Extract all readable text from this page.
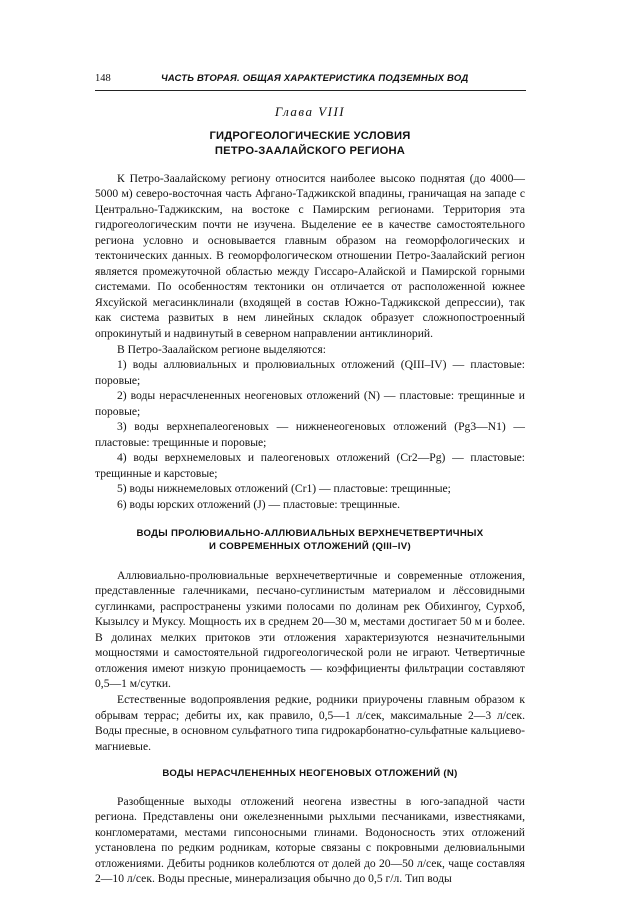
148	ЧАСТЬ ВТОРАЯ. ОБЩАЯ ХАРАКТЕРИСТИКА ПОДЗЕМНЫХ ВОД
Глава VIII
ГИДРОГЕОЛОГИЧЕСКИЕ УСЛОВИЯ
ПЕТРО-ЗААЛАЙСКОГО РЕГИОНА

К Петро-Заалайскому региону относится наиболее высоко поднятая (до 4000—5000 м) северо-восточная часть Афгано-Таджикской впадины, граничащая на западе с Центрально-Таджикским, на востоке с Памирским регионами. Территория эта гидрогеологическим почти не изучена. Выделение ее в качестве самостоятельного региона условно и основывается главным образом на геоморфологических и тектонических данных. В геоморфологическом отношении Петро-Заалайский регион является промежуточной областью между Гиссаро-Алайской и Памирской горными системами. По особенностям тектоники он отличается от расположенной южнее Яхсуйской мегасинклинали (входящей в состав Южно-Таджикской депрессии), так как система развитых в нем линейных складок образует сложнопостроенный опрокинутый и надвинутый в северном направлении антиклинорий.

В Петро-Заалайском регионе выделяются:

1) воды аллювиальных и пролювиальных отложений (QIII–IV) — пластовые: поровые;

2) воды нерасчлененных неогеновых отложений (N) — пластовые: трещинные и поровые;

3) воды верхнепалеогеновых — нижненеогеновых отложений (Pg3—N1) — пластовые: трещинные и поровые;

4) воды верхнемеловых и палеогеновых отложений (Cr2—Pg) — пластовые: трещинные и карстовые;

5) воды нижнемеловых отложений (Cr1) — пластовые: трещинные;

6) воды юрских отложений (J) — пластовые: трещинные.

ВОДЫ ПРОЛЮВИАЛЬНО-АЛЛЮВИАЛЬНЫХ ВЕРХНЕЧЕТВЕРТИЧНЫХ
И СОВРЕМЕННЫХ ОТЛОЖЕНИЙ (QIII–IV)

Аллювиально-пролювиальные верхнечетвертичные и современные отложения, представленные галечниками, песчано-суглинистым материалом и лёссовидными суглинками, распространены узкими полосами по долинам рек Обихингоу, Сурхоб, Кызылсу и Муксу. Мощность их в среднем 20—30 м, местами достигает 50 м и более. В долинах мелких притоков эти отложения характеризуются незначительными мощностями и самостоятельной гидрогеологической роли не играют. Четвертичные отложения имеют низкую проницаемость — коэффициенты фильтрации составляют 0,5—1 м/сутки.

Естественные водопроявления редкие, родники приурочены главным образом к обрывам террас; дебиты их, как правило, 0,5—1 л/сек, максимальные 2—3 л/сек. Воды пресные, в основном сульфатного типа гидрокарбонатно-сульфатные кальциево-магниевые.

ВОДЫ НЕРАСЧЛЕНЕННЫХ НЕОГЕНОВЫХ ОТЛОЖЕНИЙ (N)

Разобщенные выходы отложений неогена известны в юго-западной части региона. Представлены они ожелезненными рыхлыми песчаниками, известняками, конгломератами, местами гипсоносными глинами. Водоносность этих отложений установлена по редким родникам, которые связаны с покровными делювиальными отложениями. Дебиты родников колеблются от долей до 20—50 л/сек, чаще составляя 2—10 л/сек. Воды пресные, минерализация обычно до 0,5 г/л. Тип воды
